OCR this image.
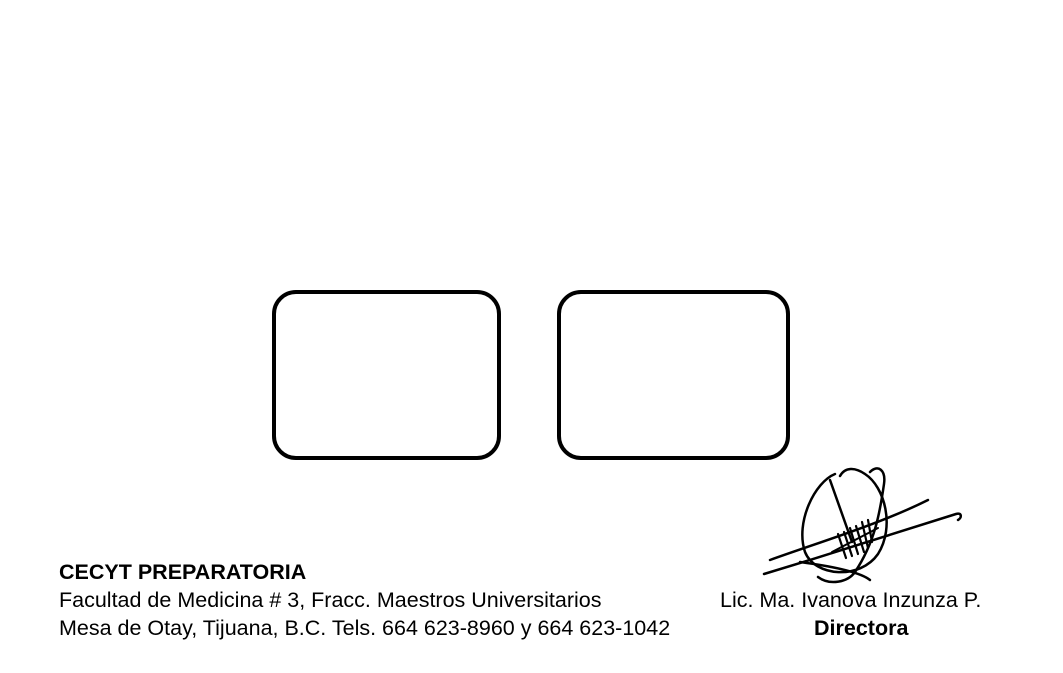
CECYT PREPARATORIA
Facultad de Medicina # 3, Fracc. Maestros Universitarios
Mesa de Otay, Tijuana, B.C. Tels. 664 623-8960 y 664 623-1042
Lic. Ma. Ivanova Inzunza P.
Directora
